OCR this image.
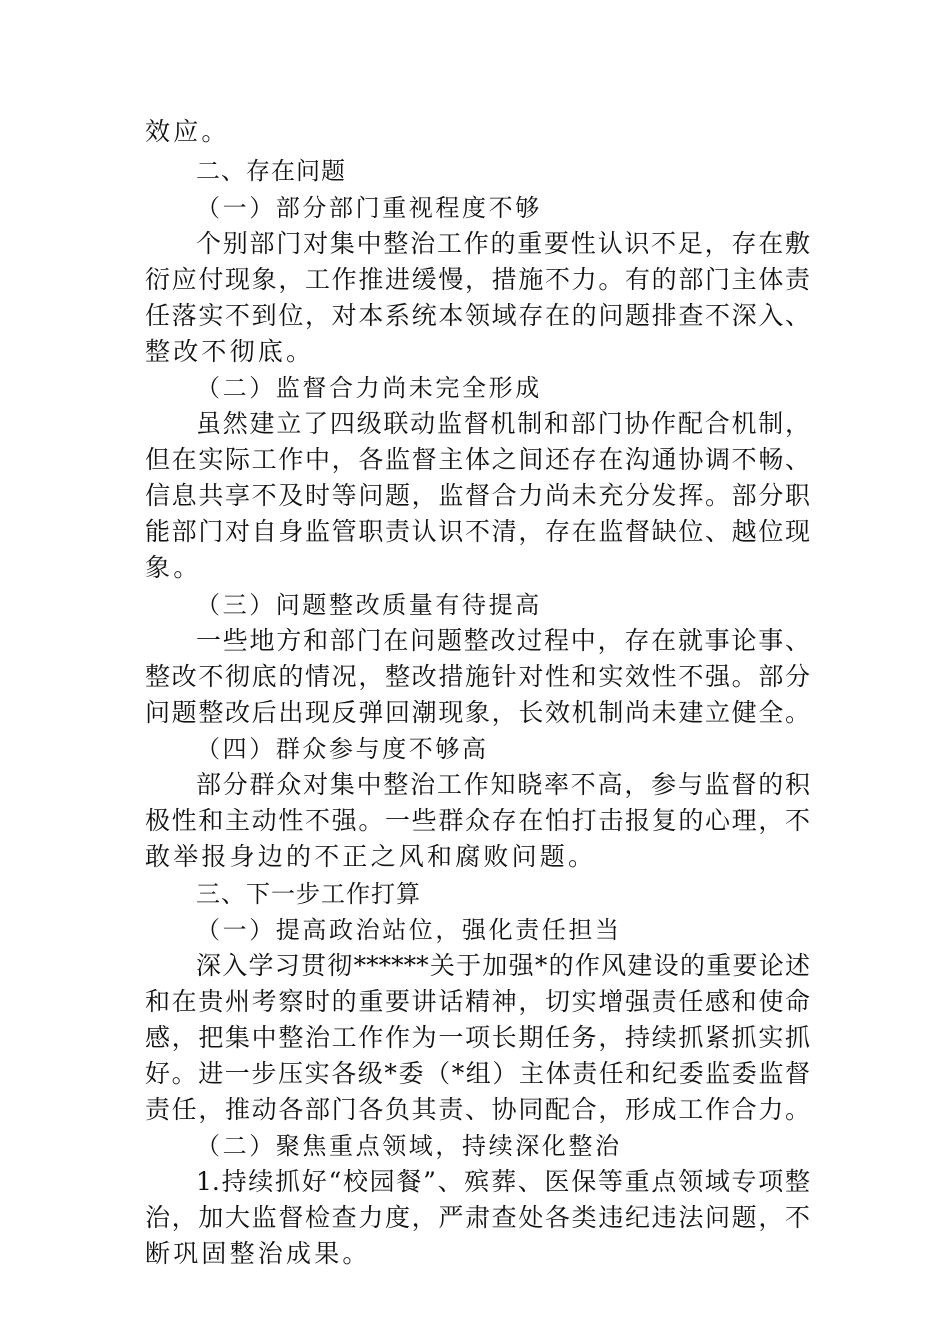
效应。
二、存在问题
（一）部分部门重视程度不够
个别部门对集中整治工作的重要性认识不足，存在敷
衍应付现象，工作推进缓慢，措施不力。有的部门主体责
任落实不到位，对本系统本领域存在的问题排查不深入、
整改不彻底。
（二）监督合力尚未完全形成
虽然建立了四级联动监督机制和部门协作配合机制，
但在实际工作中，各监督主体之间还存在沟通协调不畅、
信息共享不及时等问题，监督合力尚未充分发挥。部分职
能部门对自身监管职责认识不清，存在监督缺位、越位现
象。
（三）问题整改质量有待提高
一些地方和部门在问题整改过程中，存在就事论事、
整改不彻底的情况，整改措施针对性和实效性不强。部分
问题整改后出现反弹回潮现象，长效机制尚未建立健全。
（四）群众参与度不够高
部分群众对集中整治工作知晓率不高，参与监督的积
极性和主动性不强。一些群众存在怕打击报复的心理，不
敢举报身边的不正之风和腐败问题。
三、下一步工作打算
（一）提高政治站位，强化责任担当
深入学习贯彻******关于加强*的作风建设的重要论述
和在贵州考察时的重要讲话精神，切实增强责任感和使命
感，把集中整治工作作为一项长期任务，持续抓紧抓实抓
好。进一步压实各级*委（*组）主体责任和纪委监委监督
责任，推动各部门各负其责、协同配合，形成工作合力。
（二）聚焦重点领域，持续深化整治
1.持续抓好“校园餐”、殡葬、医保等重点领域专项整
治，加大监督检查力度，严肃查处各类违纪违法问题，不
断巩固整治成果。
